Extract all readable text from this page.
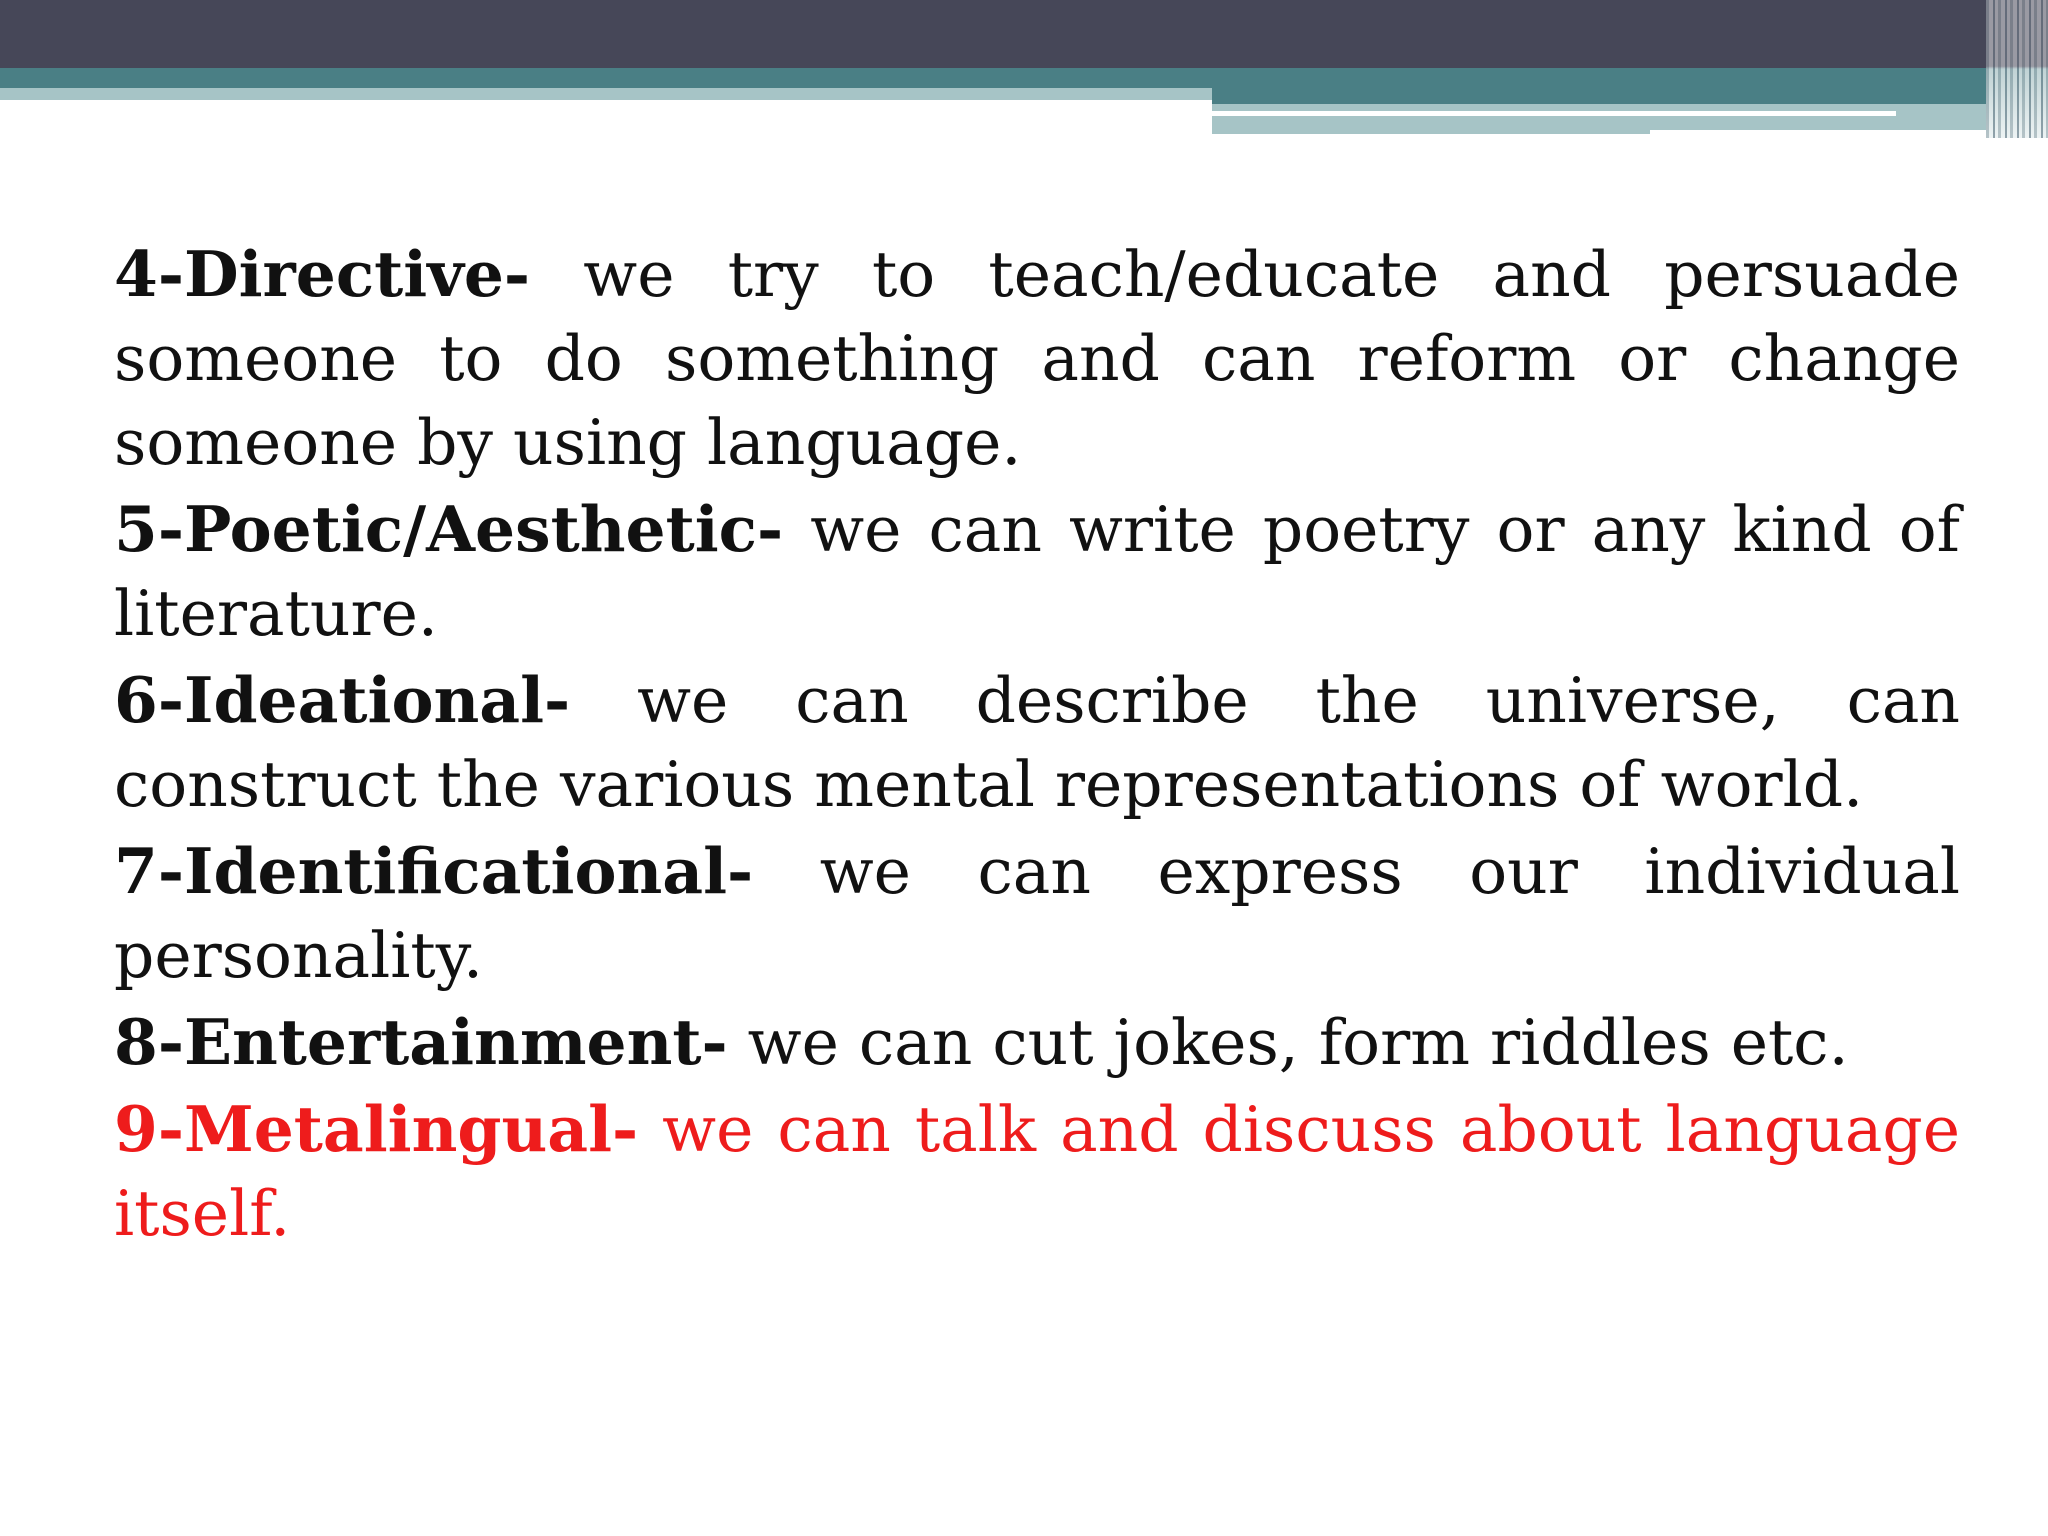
4-Directive- we try to teach/educate and persuade someone to do something and can reform or change someone by using language.

5-Poetic/Aesthetic- we can write poetry or any kind of literature.

6-Ideational- we can describe the universe, can construct the various mental representations of world.

7-Identificational- we can express our individual personality.

8-Entertainment- we can cut jokes, form riddles etc.

9-Metalingual- we can talk and discuss about language itself.
